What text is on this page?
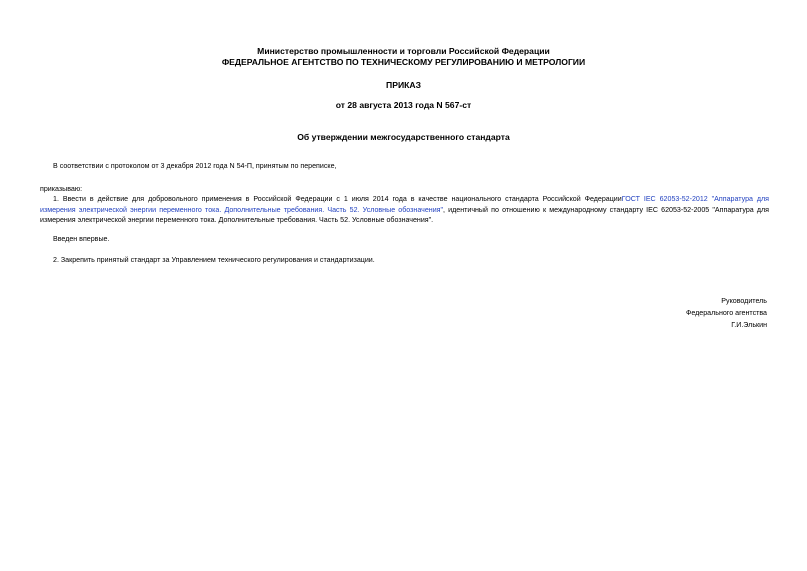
Министерство промышленности и торговли Российской Федерации
ФЕДЕРАЛЬНОЕ АГЕНТСТВО ПО ТЕХНИЧЕСКОМУ РЕГУЛИРОВАНИЮ И МЕТРОЛОГИИ
ПРИКАЗ
от 28 августа 2013 года N 567-ст
Об утверждении межгосударственного стандарта
В соответствии с протоколом от 3 декабря 2012 года N 54-П, принятым по переписке,
приказываю:
1. Ввести в действие для добровольного применения в Российской Федерации с 1 июля 2014 года в качестве национального стандарта Российской ФедерацииГОСТ IEC 62053-52-2012 "Аппаратура для
измерения электрической энергии переменного тока. Дополнительные требования. Часть 52. Условные обозначения", идентичный по отношению к международному стандарту IEC 62053-52-2005 "Аппаратура для
измерения электрической энергии переменного тока. Дополнительные требования. Часть 52. Условные обозначения".
Введен впервые.
2. Закрепить принятый стандарт за Управлением технического регулирования и стандартизации.
Руководитель
Федерального агентства
Г.И.Элькин
